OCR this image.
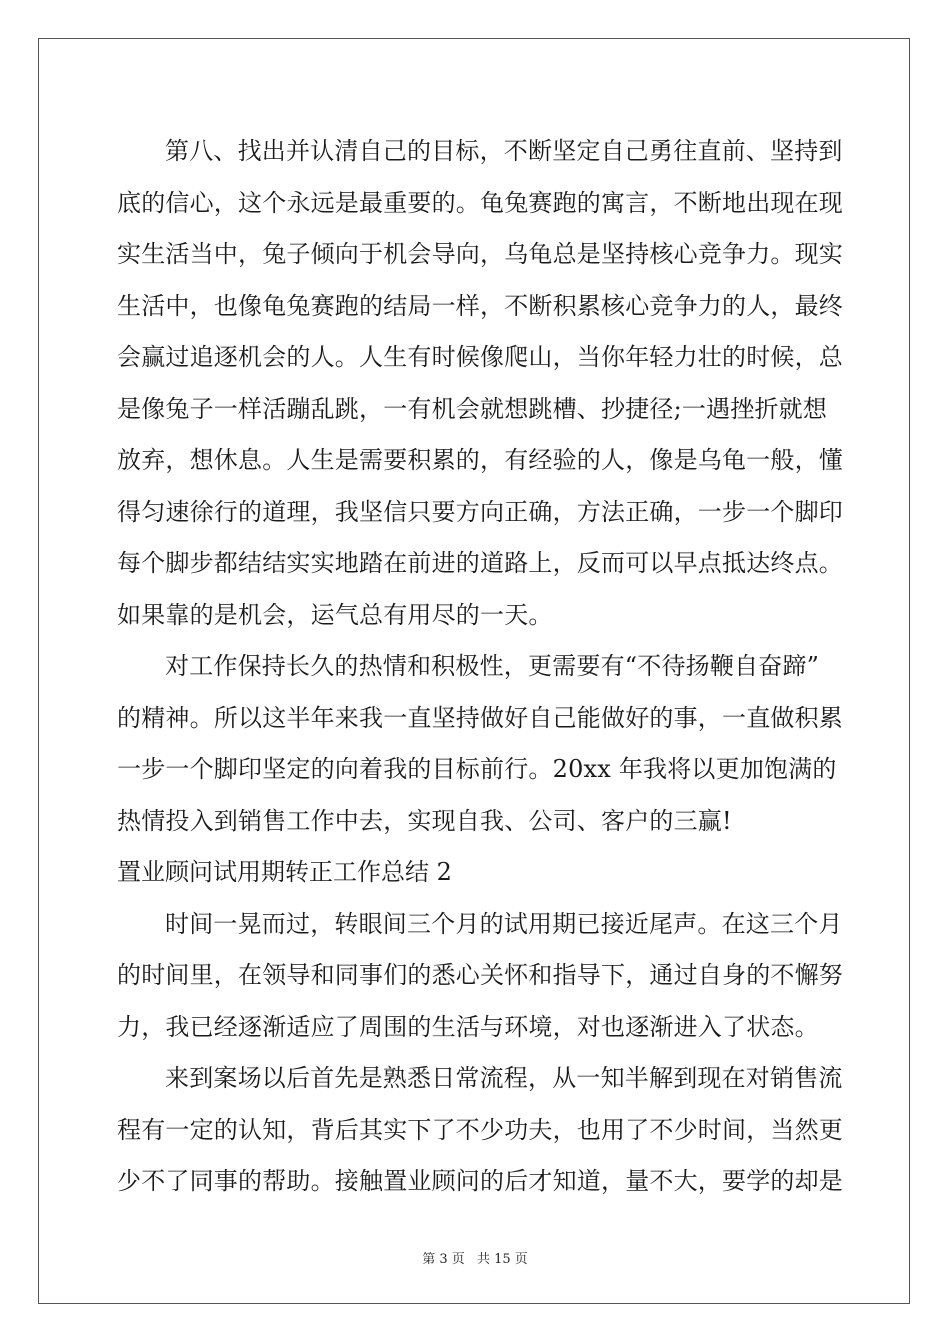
第八、找出并认清自己的目标，不断坚定自己勇往直前、坚持到

底的信心，这个永远是最重要的。龟兔赛跑的寓言，不断地出现在现

实生活当中，兔子倾向于机会导向，乌龟总是坚持核心竞争力。现实

生活中，也像龟兔赛跑的结局一样，不断积累核心竞争力的人，最终

会赢过追逐机会的人。人生有时候像爬山，当你年轻力壮的时候，总

是像兔子一样活蹦乱跳，一有机会就想跳槽、抄捷径;一遇挫折就想

放弃，想休息。人生是需要积累的，有经验的人，像是乌龟一般，懂

得匀速徐行的道理，我坚信只要方向正确，方法正确，一步一个脚印

每个脚步都结结实实地踏在前进的道路上，反而可以早点抵达终点。

如果靠的是机会，运气总有用尽的一天。

对工作保持长久的热情和积极性，更需要有“不待扬鞭自奋蹄”

的精神。所以这半年来我一直坚持做好自己能做好的事，一直做积累

一步一个脚印坚定的向着我的目标前行。20xx 年我将以更加饱满的

热情投入到销售工作中去，实现自我、公司、客户的三赢!

置业顾问试用期转正工作总结 2

时间一晃而过，转眼间三个月的试用期已接近尾声。在这三个月

的时间里，在领导和同事们的悉心关怀和指导下，通过自身的不懈努

力，我已经逐渐适应了周围的生活与环境，对也逐渐进入了状态。

来到案场以后首先是熟悉日常流程，从一知半解到现在对销售流

程有一定的认知，背后其实下了不少功夫，也用了不少时间，当然更

少不了同事的帮助。接触置业顾问的后才知道，量不大，要学的却是

第 3 页 共 15 页
